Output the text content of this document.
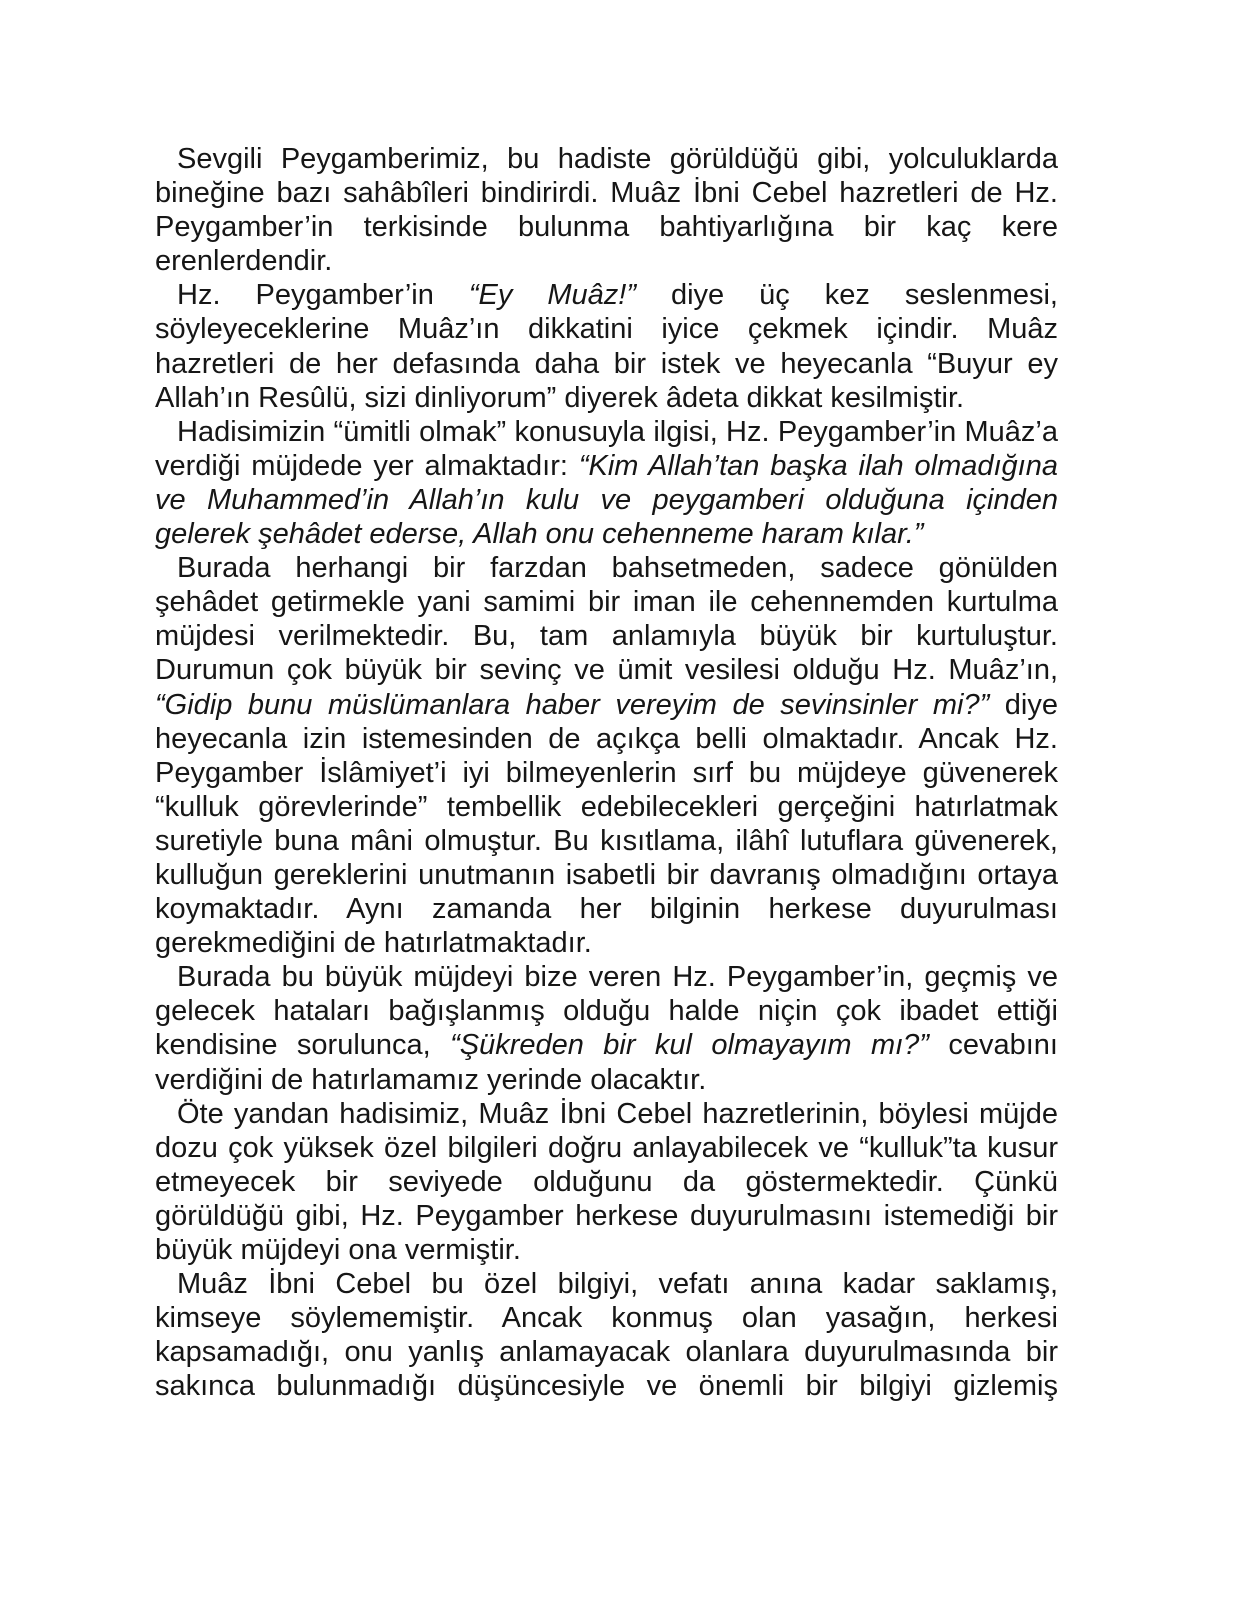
Sevgili Peygamberimiz, bu hadiste görüldüğü gibi, yolculuklarda bineğine bazı sahâbîleri bindirirdi. Muâz İbni Cebel hazretleri de Hz. Peygamber’in terkisinde bulunma bahtiyarlığına bir kaç kere erenlerdendir.

Hz. Peygamber’in “Ey Muâz!” diye üç kez seslenmesi, söyleyeceklerine Muâz’ın dikkatini iyice çekmek içindir. Muâz hazretleri de her defasında daha bir istek ve heyecanla “Buyur ey Allah’ın Resûlü, sizi dinliyorum” diyerek âdeta dikkat kesilmiştir.

Hadisimizin “ümitli olmak” konusuyla ilgisi, Hz. Peygamber’in Muâz’a verdiği müjdede yer almaktadır: “Kim Allah’tan başka ilah olmadığına ve Muhammed’in Allah’ın kulu ve peygamberi olduğuna içinden gelerek şehâdet ederse, Allah onu cehenneme haram kılar.”

Burada herhangi bir farzdan bahsetmeden, sadece gönülden şehâdet getirmekle yani samimi bir iman ile cehennemden kurtulma müjdesi verilmektedir. Bu, tam anlamıyla büyük bir kurtuluştur. Durumun çok büyük bir sevinç ve ümit vesilesi olduğu Hz. Muâz’ın, “Gidip bunu müslümanlara haber vereyim de sevinsinler mi?” diye heyecanla izin istemesinden de açıkça belli olmaktadır. Ancak Hz. Peygamber İslâmiyet’i iyi bilmeyenlerin sırf bu müjdeye güvenerek “kulluk görevlerinde” tembellik edebilecekleri gerçeğini hatırlatmak suretiyle buna mâni olmuştur. Bu kısıtlama, ilâhî lutuflara güvenerek, kulluğun gereklerini unutmanın isabetli bir davranış olmadığını ortaya koymaktadır. Aynı zamanda her bilginin herkese duyurulması gerekmediğini de hatırlatmaktadır.

Burada bu büyük müjdeyi bize veren Hz. Peygamber’in, geçmiş ve gelecek hataları bağışlanmış olduğu halde niçin çok ibadet ettiği kendisine sorulunca, “Şükreden bir kul olmayayım mı?” cevabını verdiğini de hatırlamamız yerinde olacaktır.

Öte yandan hadisimiz, Muâz İbni Cebel hazretlerinin, böylesi müjde dozu çok yüksek özel bilgileri doğru anlayabilecek ve “kulluk”ta kusur etmeyecek bir seviyede olduğunu da göstermektedir. Çünkü görüldüğü gibi, Hz. Peygamber herkese duyurulmasını istemediği bir büyük müjdeyi ona vermiştir.

Muâz İbni Cebel bu özel bilgiyi, vefatı anına kadar saklamış, kimseye söylememiştir. Ancak konmuş olan yasağın, herkesi kapsamadığı, onu yanlış anlamayacak olanlara duyurulmasında bir sakınca bulunmadığı düşüncesiyle ve önemli bir bilgiyi gizlemiş
